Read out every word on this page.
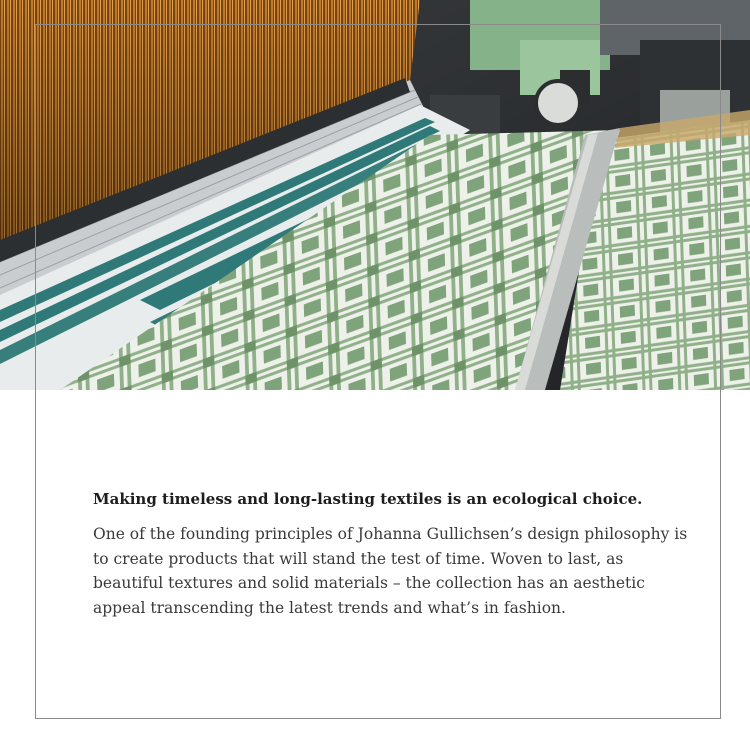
Making timeless and long-lasting textiles is an ecological choice.

One of the founding principles of Johanna Gullichsen’s design philosophy is to create products that will stand the test of time. Woven to last, as beautiful textures and solid materials – the collection has an aesthetic appeal transcending the latest trends and what’s in fashion.
